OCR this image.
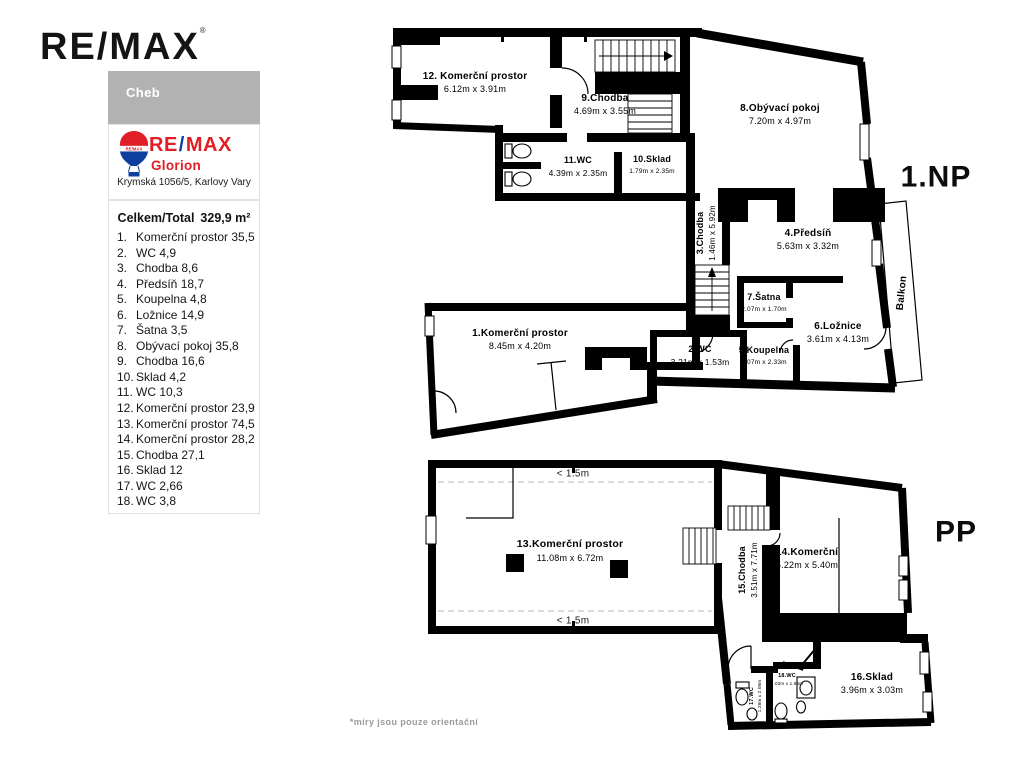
RE/MAX®
Cheb
RE/MAX RE/MAX
Glorion
Krymská 1056/5, Karlovy Vary
Celkem/Total 329,9 m²
1. Komerční prostor 35,5
2. WC 4,9
3. Chodba 8,6
4. Předsíň 18,7
5. Koupelna 4,8
6. Ložnice 14,9
7. Šatna 3,5
8. Obývací pokoj 35,8
9. Chodba 16,6
10. Sklad 4,2
11. WC 10,3
12. Komerční prostor 23,9
13. Komerční prostor 74,5
14. Komerční prostor 28,2
15. Chodba 27,1
16. Sklad 12
17. WC 2,66
18. WC 3,8
12. Komerční prostor
6.12m x 3.91m
9.Chodba
4.69m x 3.55m
11.WC
4.39m x 2.35m
10.Sklad
1.79m x 2.35m
8.Obývací pokoj
7.20m x 4.97m
3.Chodba 1.46m x 5.92m	4.Předsíň
5.63m x 3.32m
7.Šatna
2.07m x 1.70m
6.Ložnice
3.61m x 4.13m
2.WC
3.21m x 1.53m
5.Koupelna
2.07m x 2.33m
Balkon
1.Komerční prostor
8.45m x 4.20m
1.NP
< 1.5m
13.Komerční prostor
11.08m x 6.72m
< 1.5m
15.Chodba 3.51m x 7.71m 14.Komerční
5.22m x 5.40m
16.Sklad
3.96m x 3.03m
17.WC 1.28m x 2.08m
18.WC
2.03m x 1.86m
PP
*míry jsou pouze orientační
